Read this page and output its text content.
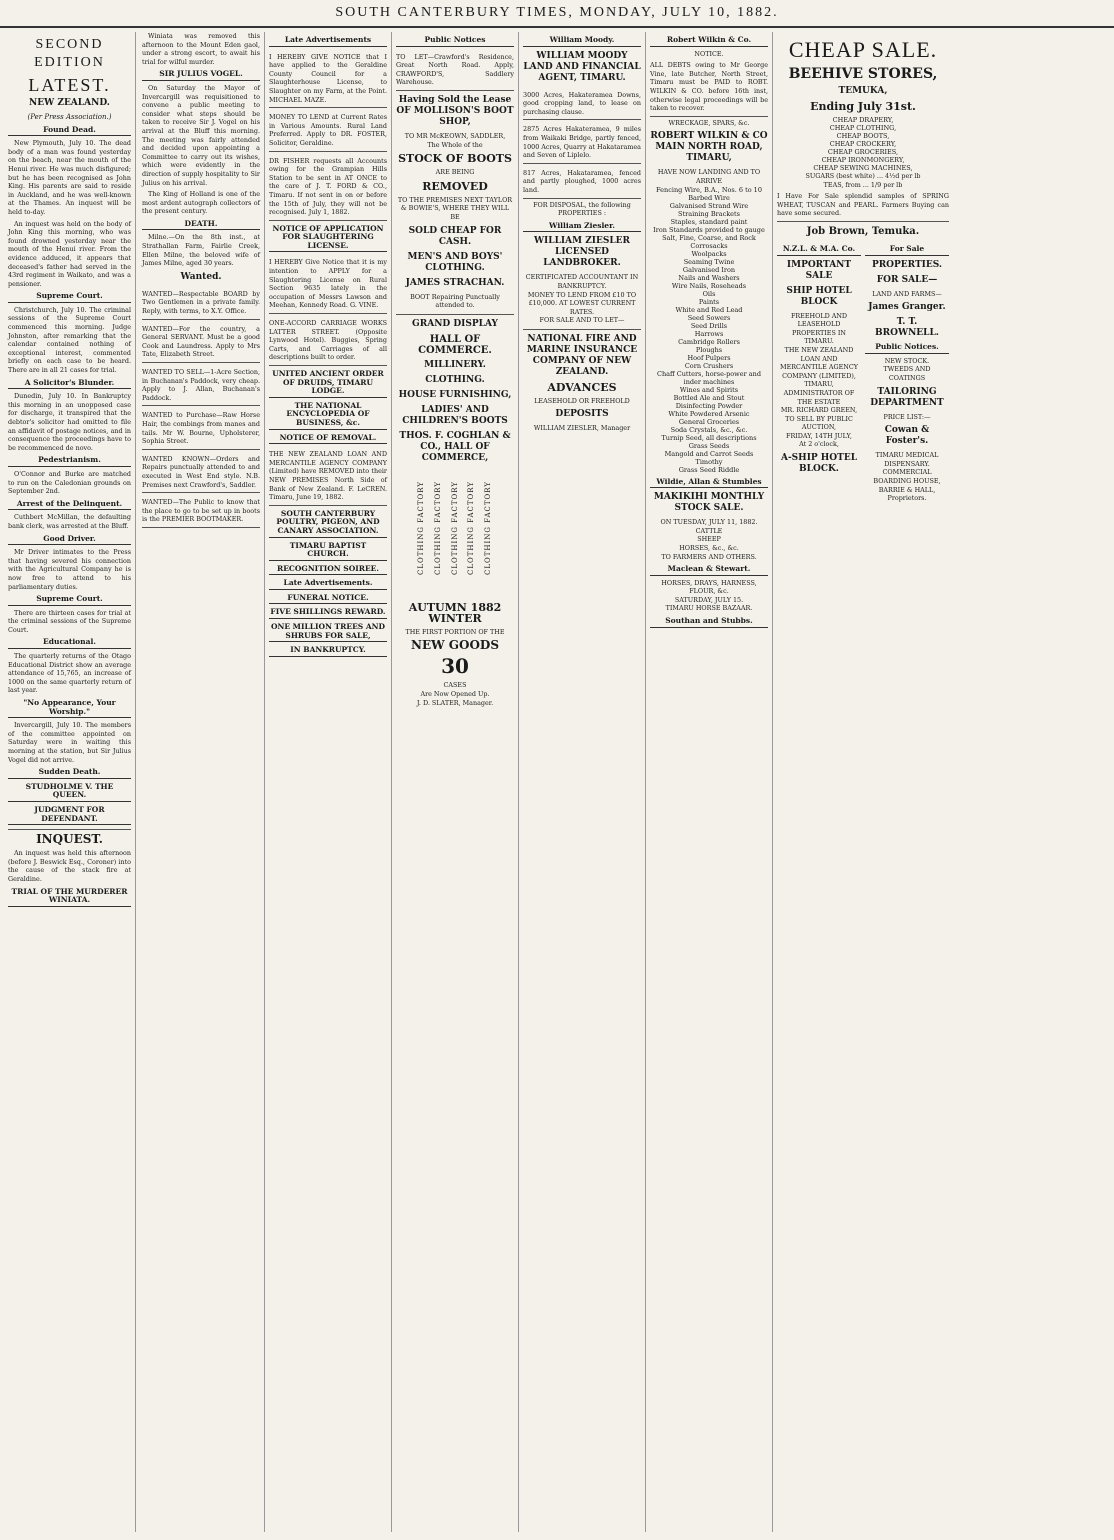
SOUTH CANTERBURY TIMES, MONDAY, JULY 10, 1882.
SECOND EDITION
LATEST.
NEW ZEALAND.
(Per Press Association.)
Found Dead.

New Plymouth, July 10. The dead body of a man was found yesterday on the beach, near the mouth of the Henui river. He was much disfigured; but he has been recognised as John King. His parents are said to reside in Auckland, and he was well-known at the Thames. An inquest will be held to-day.

An inquest was held on the body of John King this morning, who was found drowned yesterday near the mouth of the Henui river. From the evidence adduced, it appears that deceased's father had served in the 43rd regiment in Waikato, and was a pensioner.

Supreme Court.

Christchurch, July 10. The criminal sessions of the Supreme Court commenced this morning. Judge Johnston, after remarking that the calendar contained nothing of exceptional interest, commented briefly on each case to be heard. There are in all 21 cases for trial.

A Solicitor's Blunder.

Dunedin, July 10. In Bankruptcy this morning in an unopposed case for discharge, it transpired that the debtor's solicitor had omitted to file an affidavit of postage notices, and in consequence the proceedings have to be recommenced de novo.

Pedestrianism.

O'Connor and Burke are matched to run on the Caledonian grounds on September 2nd.

Arrest of the Delinquent.

Cuthbert McMillan, the defaulting bank clerk, was arrested at the Bluff.

Good Driver.

Mr Driver intimates to the Press that having severed his connection with the Agricultural Company he is now free to attend to his parliamentary duties.

Supreme Court.

There are thirteen cases for trial at the criminal sessions of the Supreme Court.

Educational.

The quarterly returns of the Otago Educational District show an average attendance of 15,765, an increase of 1000 on the same quarterly return of last year.

"No Appearance, Your Worship."

Invercargill, July 10. The members of the committee appointed on Saturday were in waiting this morning at the station, but Sir Julius Vogel did not arrive.

Sudden Death.
STUDHOLME V. THE QUEEN.
JUDGMENT FOR DEFENDANT.
INQUEST.

An inquest was held this afternoon (before J. Beswick Esq., Coroner) into the cause of the stack fire at Geraldine.

TRIAL OF THE MURDERER WINIATA.

Winiata was removed this afternoon to the Mount Eden gaol, under a strong escort, to await his trial for wilful murder.

SIR JULIUS VOGEL.

On Saturday the Mayor of Invercargill was requisitioned to convene a public meeting to consider what steps should be taken to receive Sir J. Vogel on his arrival at the Bluff this morning. The meeting was fairly attended and decided upon appointing a Committee to carry out its wishes, which were evidently in the direction of supply hospitality to Sir Julius on his arrival.

The King of Holland is one of the most ardent autograph collectors of the present century.

DEATH.

Milne.—On the 8th inst., at Strathallan Farm, Fairlie Creek, Ellen Milne, the beloved wife of James Milne, aged 30 years.

Wanted.
WANTED—Respectable BOARD by Two Gentlemen in a private family. Reply, with terms, to X.Y. Office.
WANTED—For the country, a General SERVANT. Must be a good Cook and Laundress. Apply to Mrs Tate, Elizabeth Street.
WANTED TO SELL—1-Acre Section, in Buchanan's Paddock, very cheap. Apply to J. Allan, Buchanan's Paddock.
WANTED to Purchase—Raw Horse Hair, the combings from manes and tails. Mr W. Bourne, Upholsterer, Sophia Street.
WANTED KNOWN—Orders and Repairs punctually attended to and executed in West End style. N.B. Premises next Crawford's, Saddler.
WANTED—The Public to know that the place to go to be set up in boots is the PREMIER BOOTMAKER.
Late Advertisements
I HEREBY GIVE NOTICE that I have applied to the Geraldine County Council for a Slaughterhouse License, to Slaughter on my Farm, at the Point. MICHAEL MAZE.
MONEY TO LEND at Current Rates in Various Amounts. Rural Land Preferred. Apply to DR. FOSTER, Solicitor, Geraldine.
DR FISHER requests all Accounts owing for the Grampian Hills Station to be sent in AT ONCE to the care of J. T. FORD & CO., Timaru. If not sent in on or before the 15th of July, they will not be recognised. July 1, 1882.
NOTICE OF APPLICATION FOR SLAUGHTERING LICENSE.
I HEREBY Give Notice that it is my intention to APPLY for a Slaughtering License on Rural Section 9635 lately in the occupation of Messrs Lawson and Meehan, Kennedy Road. G. VINE.
ONE-ACCORD CARRIAGE WORKS LATTER STREET. (Opposite Lynwood Hotel). Buggies, Spring Carts, and Carriages of all descriptions built to order.
UNITED ANCIENT ORDER OF DRUIDS, TIMARU LODGE.
THE NATIONAL ENCYCLOPEDIA OF BUSINESS, &c.
NOTICE OF REMOVAL.
THE NEW ZEALAND LOAN AND MERCANTILE AGENCY COMPANY (Limited) have REMOVED into their NEW PREMISES North Side of Bank of New Zealand. F. LeCREN. Timaru, June 19, 1882.
SOUTH CANTERBURY POULTRY, PIGEON, AND CANARY ASSOCIATION.
TIMARU BAPTIST CHURCH.
RECOGNITION SOIREE.
Late Advertisements.
FUNERAL NOTICE.
FIVE SHILLINGS REWARD.
ONE MILLION TREES AND SHRUBS FOR SALE,
IN BANKRUPTCY.
Public Notices
TO LET—Crawford's Residence, Great North Road. Apply, CRAWFORD'S, Saddlery Warehouse.
Having Sold the Lease OF MOLLISON'S BOOT SHOP,
TO MR McKEOWN, SADDLER,
The Whole of the
STOCK OF BOOTS
ARE BEING
REMOVED
TO THE PREMISES NEXT TAYLOR & BOWIE'S, WHERE THEY WILL BE
SOLD CHEAP FOR CASH.
MEN'S AND BOYS' CLOTHING.
JAMES STRACHAN.
BOOT Repairing Punctually attended to.
GRAND DISPLAY
HALL OF COMMERCE.
MILLINERY.
CLOTHING.
HOUSE FURNISHING,
LADIES' AND CHILDREN'S BOOTS
THOS. F. COGHLAN & CO., HALL OF COMMERCE,
CLOTHING FACTORY CLOTHING FACTORY CLOTHING FACTORY CLOTHING FACTORY CLOTHING FACTORY
AUTUMN 1882 WINTER
THE FIRST PORTION OF THE
NEW GOODS
30
CASES
Are Now Opened Up.
J. D. SLATER, Manager.
William Moody.
WILLIAM MOODY LAND AND FINANCIAL AGENT, TIMARU.
3000 Acres, Hakateramea Downs, good cropping land, to lease on purchasing clause.
2875 Acres Hakateramea, 9 miles from Waikaki Bridge, partly fenced, 1000 Acres, Quarry at Hakataramea and Seven of Liplelo.
817 Acres, Hakataramea, fenced and partly ploughed, 1000 acres land.
FOR DISPOSAL, the following PROPERTIES :
William Ziesler.
WILLIAM ZIESLER LICENSED LANDBROKER.
CERTIFICATED ACCOUNTANT IN BANKRUPTCY.
MONEY TO LEND FROM £10 TO £10,000. AT LOWEST CURRENT RATES.
FOR SALE AND TO LET—
NATIONAL FIRE AND MARINE INSURANCE COMPANY OF NEW ZEALAND.
ADVANCES
LEASEHOLD OR FREEHOLD
DEPOSITS
WILLIAM ZIESLER, Manager
Robert Wilkin & Co.
NOTICE.
ALL DEBTS owing to Mr George Vine, late Butcher, North Street, Timaru must be PAID to ROBT. WILKIN & CO. before 16th inst, otherwise legal proceedings will be taken to recover.
WRECKAGE, SPARS, &c.
ROBERT WILKIN & CO MAIN NORTH ROAD, TIMARU,
HAVE NOW LANDING AND TO ARRIVE
Fencing Wire, B.A., Nos. 6 to 10
Barbed Wire
Galvanised Strand Wire
Straining Brackets
Staples, standard paint
Iron Standards provided to gauge
Salt, Fine, Coarse, and Rock
Corrosacks
Woolpacks
Seaming Twine
Galvanised Iron
Nails and Washers
Wire Nails, Roseheads
Oils
Paints
White and Red Lead
Seed Sowers
Seed Drills
Harrows
Cambridge Rollers
Ploughs
Hoof Pulpers
Corn Crushers
Chaff Cutters, horse-power and inder machines
Wines and Spirits
Bottled Ale and Stout
Disinfecting Powder
White Powdered Arsenic
General Groceries
Soda Crystals, &c., &c.
Turnip Seed, all descriptions
Grass Seeds
Mangold and Carrot Seeds
Timothy
Grass Seed Riddle
Wildie, Allan & Stumbles
MAKIKIHI MONTHLY STOCK SALE.
ON TUESDAY, JULY 11, 1882.
CATTLE
SHEEP
HORSES, &c., &c.
TO FARMERS AND OTHERS.
Maclean & Stewart.
HORSES, DRAYS, HARNESS, FLOUR, &c.
SATURDAY, JULY 15.
TIMARU HORSE BAZAAR.
Southan and Stubbs.
CHEAP SALE.
BEEHIVE STORES,
TEMUKA,
Ending July 31st.
CHEAP DRAPERY,
CHEAP CLOTHING,
CHEAP BOOTS,
CHEAP CROCKERY,
CHEAP GROCERIES,
CHEAP IRONMONGERY,
CHEAP SEWING MACHINES,
SUGARS (best white) ... 4½d per lb
TEAS, from ... 1/9 per lb
I Have For Sale splendid samples of SPRING WHEAT, TUSCAN and PEARL. Farmers Buying can have some secured.
Job Brown, Temuka.
N.Z.L. & M.A. Co.
IMPORTANT SALE
SHIP HOTEL BLOCK
FREEHOLD AND LEASEHOLD PROPERTIES IN TIMARU.
THE NEW ZEALAND LOAN AND MERCANTILE AGENCY COMPANY (LIMITED), TIMARU,
ADMINISTRATOR OF THE ESTATE
MR. RICHARD GREEN,
TO SELL BY PUBLIC AUCTION,
FRIDAY, 14TH JULY,
At 2 o'clock,
A-SHIP HOTEL BLOCK.
For Sale
PROPERTIES.
FOR SALE—
LAND AND FARMS—
James Granger.
T. T. BROWNELL.
Public Notices.
NEW STOCK.
TWEEDS AND COATINGS
TAILORING DEPARTMENT
PRICE LIST:—
Cowan & Foster's.
TIMARU MEDICAL DISPENSARY.
COMMERCIAL BOARDING HOUSE,
BARRIE & HALL, Proprietors.
